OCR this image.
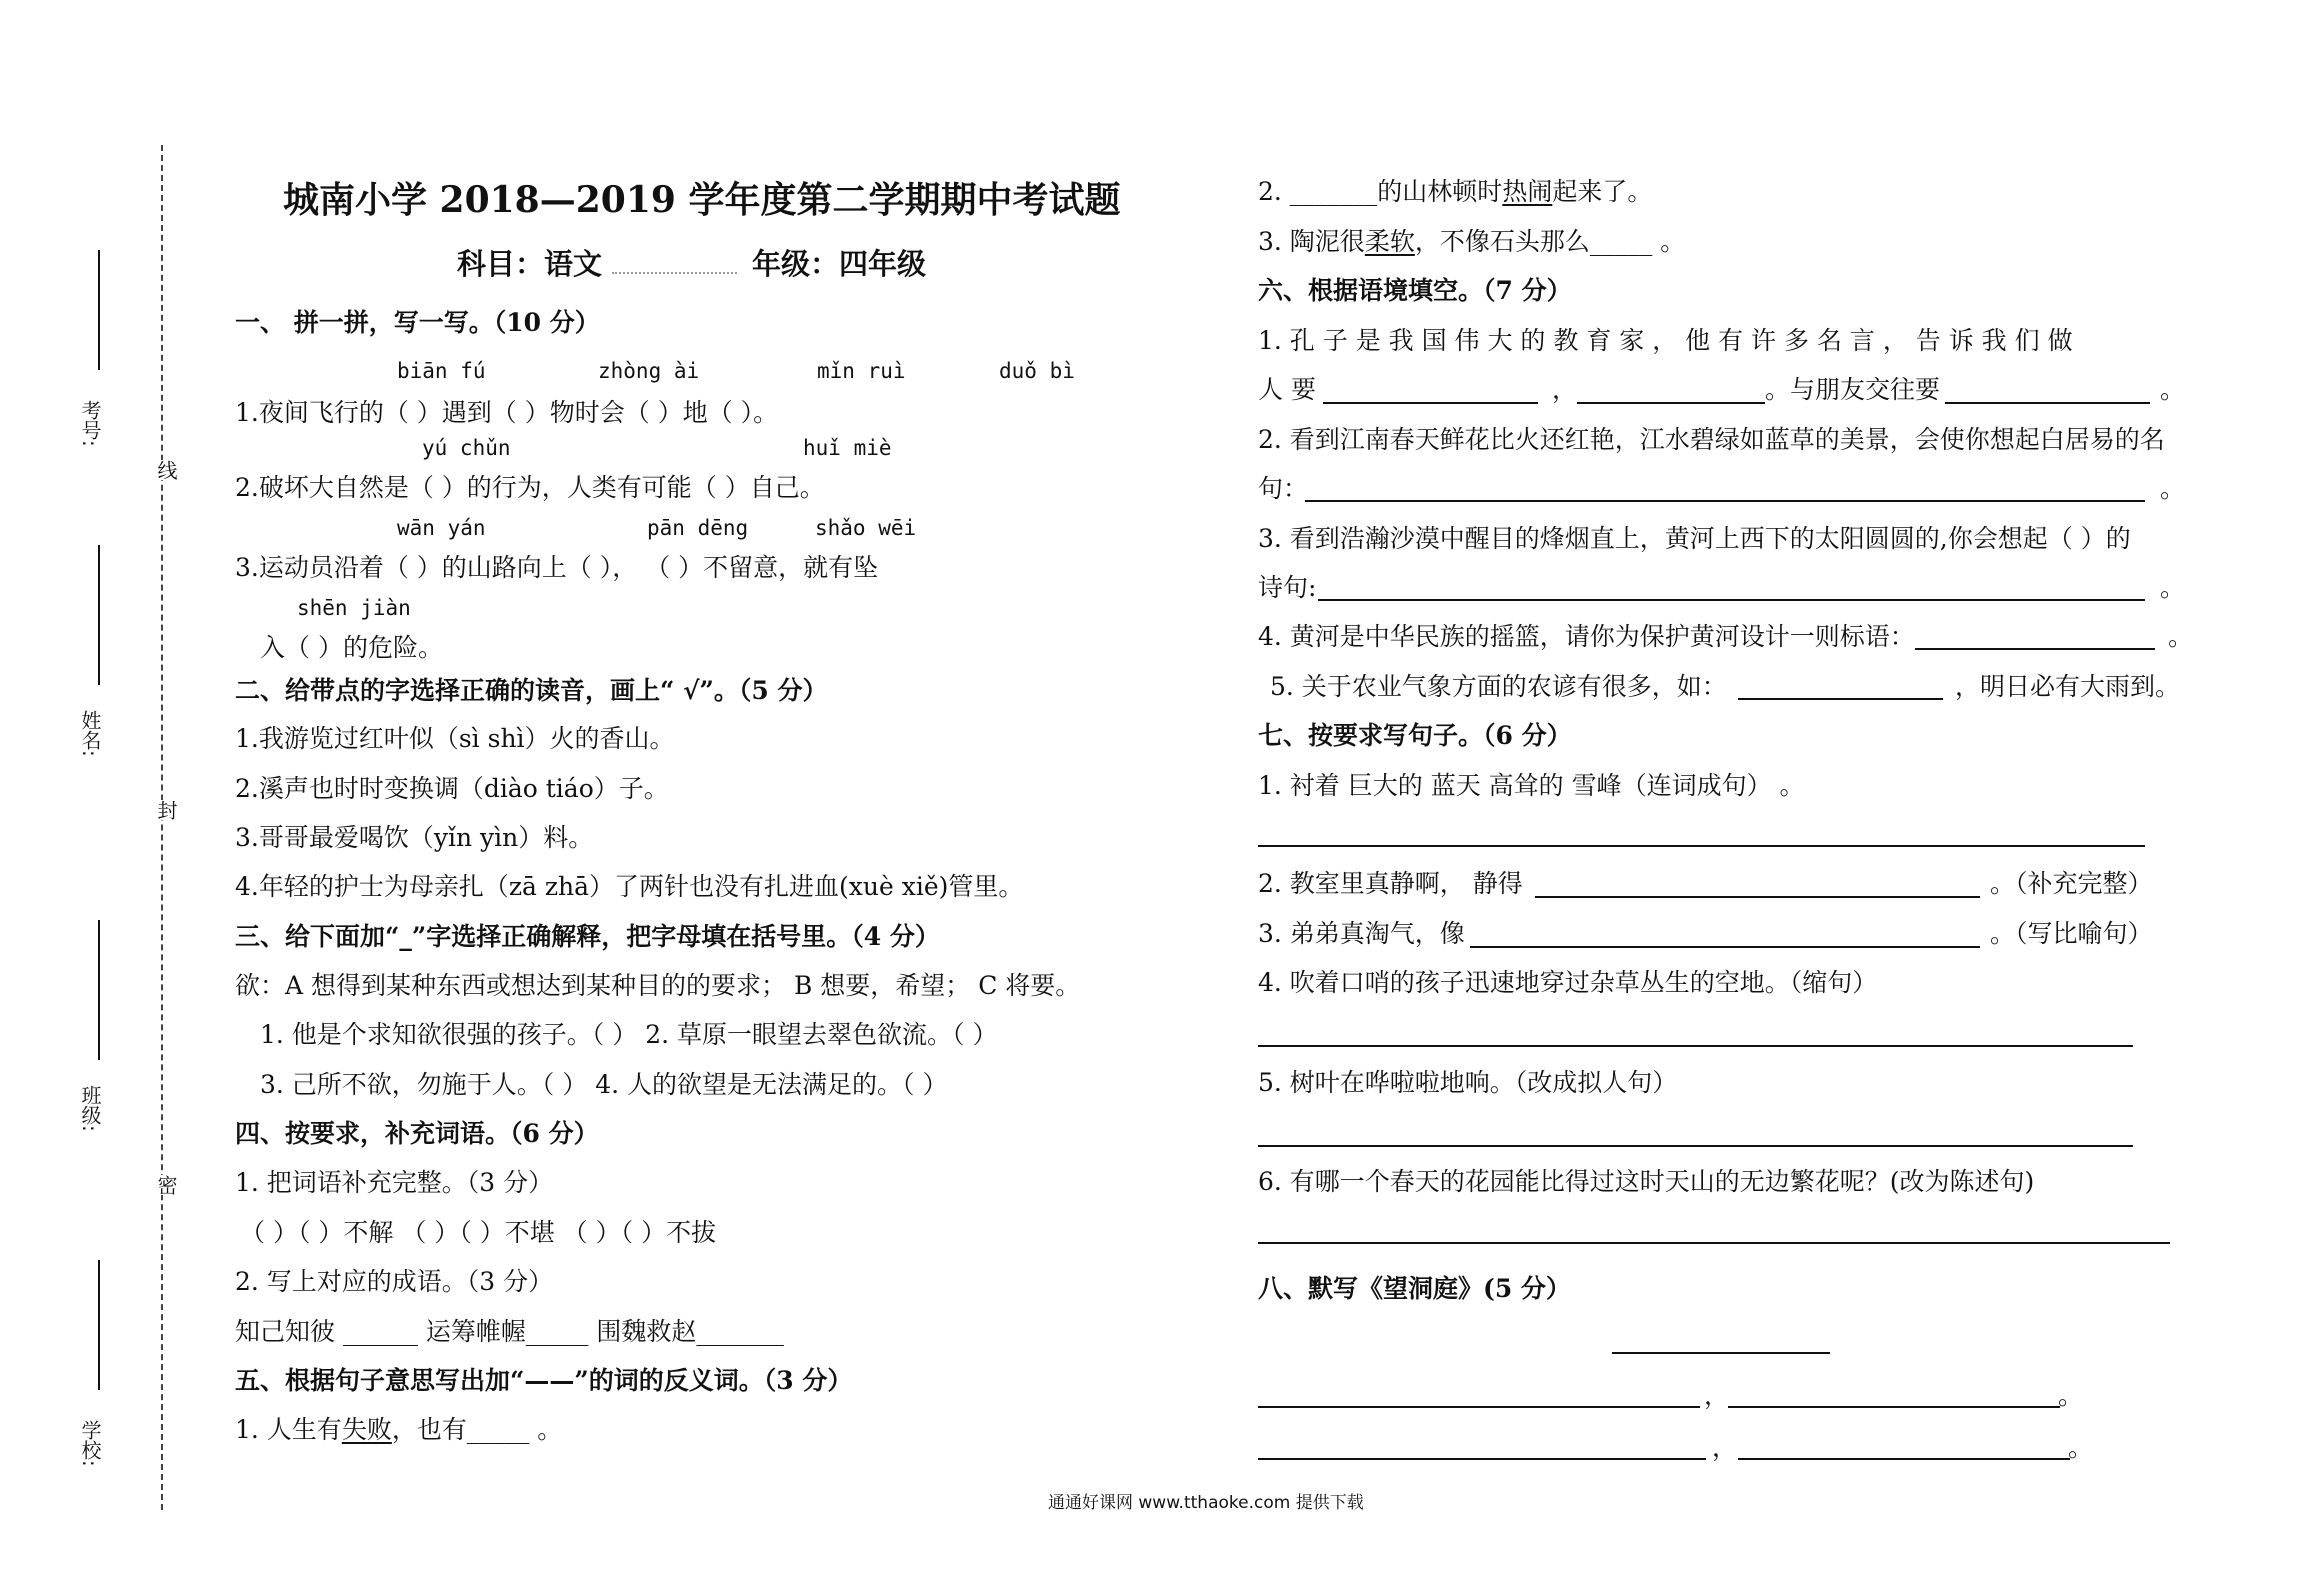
考号:
姓名:
班级:
学校:
线
封
密
城南小学 2018—2019 学年度第二学期期中考试题
科目：语文	年级：四年级
一、 拼一拼，写一写。（10 分）
biān fú	zhòng ài	mǐn ruì	duǒ bì
1.夜间飞行的（ ）遇到（ ）物时会（ ）地（ ）。
yú chǔn	huǐ miè
2.破坏大自然是（ ）的行为，人类有可能（ ）自己。
wān yán	pān dēng	shǎo wēi
3.运动员沿着（ ）的山路向上（ ）， （ ）不留意，就有坠
shēn jiàn
入（ ）的危险。
二、给带点的字选择正确的读音，画上“ √”。（5 分）
1.我游览过红叶似（sì shì）火的香山。
2.溪声也时时变换调（diào tiáo）子。
3.哥哥最爱喝饮（yǐn yìn）料。
4.年轻的护士为母亲扎（zā zhā）了两针也没有扎进血(xuè xiě)管里。
三、给下面加“_”字选择正确解释，把字母填在括号里。（4 分）
欲：A 想得到某种东西或想达到某种目的的要求； B 想要，希望； C 将要。
1. 他是个求知欲很强的孩子。（ ） 2. 草原一眼望去翠色欲流。（ ）
3. 己所不欲，勿施于人。（ ） 4. 人的欲望是无法满足的。（ ）
四、按要求，补充词语。（6 分）
1. 把词语补充完整。（3 分）
（ ）（ ）不解 （ ）（ ）不堪 （ ）（ ）不拔
2. 写上对应的成语。（3 分）
知己知彼 ______ 运筹帷幄_____ 围魏救赵_______
五、根据句子意思写出加“——”的词的反义词。（3 分）
1. 人生有失败，也有_____ 。
2. _______的山林顿时热闹起来了。
3. 陶泥很柔软，不像石头那么_____ 。
六、根据语境填空。（7 分）
1. 孔 子 是 我 国 伟 大 的 教 育 家 ， 他 有 许 多 名 言 ， 告 诉 我 们 做
人 要	，	。与朋友交往要	。
2. 看到江南春天鲜花比火还红艳，江水碧绿如蓝草的美景，会使你想起白居易的名
句：	。
3. 看到浩瀚沙漠中醒目的烽烟直上，黄河上西下的太阳圆圆的,你会想起（ ）的
诗句:	。
4. 黄河是中华民族的摇篮，请你为保护黄河设计一则标语：	。
5. 关于农业气象方面的农谚有很多，如：	，明日必有大雨到。
七、按要求写句子。（6 分）
1. 衬着 巨大的 蓝天 高耸的 雪峰（连词成句） 。
2. 教室里真静啊， 静得	。（补充完整）
3. 弟弟真淘气，像	。（写比喻句）
4. 吹着口哨的孩子迅速地穿过杂草丛生的空地。（缩句）
5. 树叶在哗啦啦地响。（改成拟人句）
6. 有哪一个春天的花园能比得过这时天山的无边繁花呢？(改为陈述句)
八、默写《望洞庭》(5 分）
，	。
，	。
通通好课网 www.tthaoke.com 提供下载
